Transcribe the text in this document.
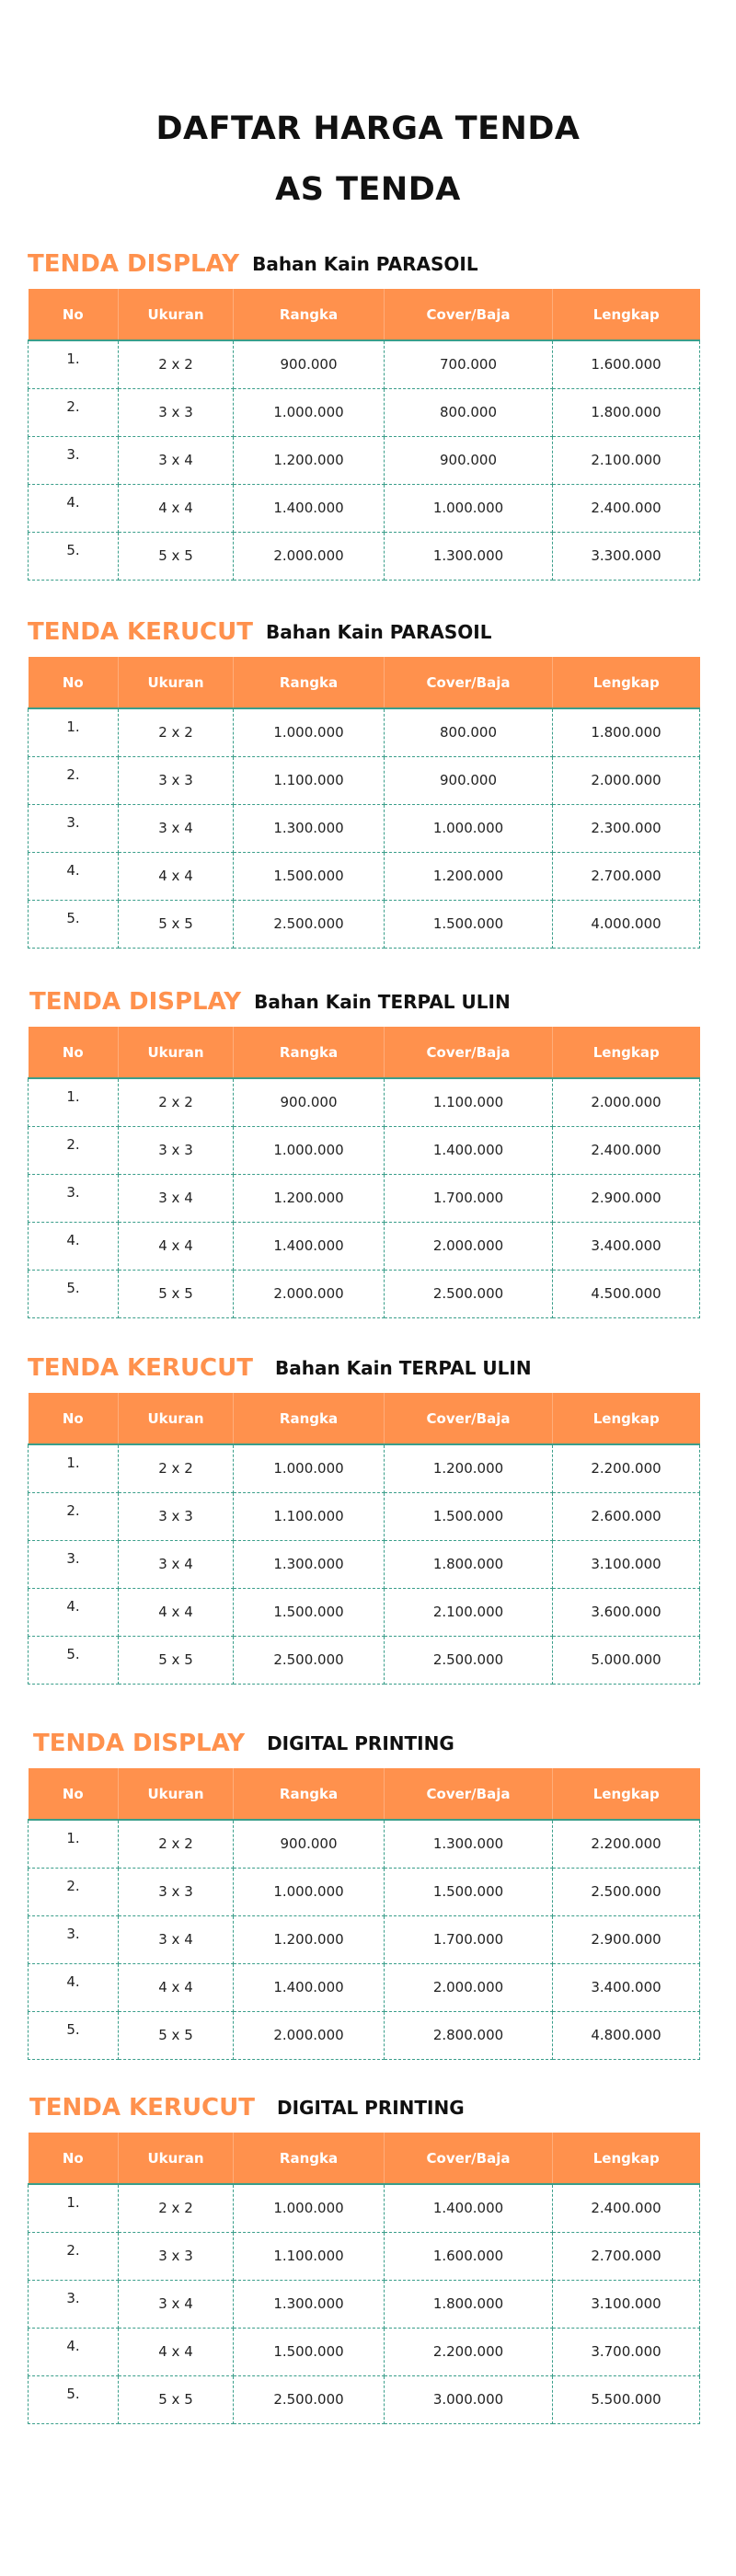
DAFTAR HARGA TENDA
AS TENDA
TENDA DISPLAY Bahan Kain PARASOIL
No	Ukuran	Rangka	Cover/Baja	Lengkap
1.	2 x 2	900.000	700.000	1.600.000
2.	3 x 3	1.000.000	800.000	1.800.000
3.	3 x 4	1.200.000	900.000	2.100.000
4.	4 x 4	1.400.000	1.000.000	2.400.000
5.	5 x 5	2.000.000	1.300.000	3.300.000
TENDA KERUCUT Bahan Kain PARASOIL
No	Ukuran	Rangka	Cover/Baja	Lengkap
1.	2 x 2	1.000.000	800.000	1.800.000
2.	3 x 3	1.100.000	900.000	2.000.000
3.	3 x 4	1.300.000	1.000.000	2.300.000
4.	4 x 4	1.500.000	1.200.000	2.700.000
5.	5 x 5	2.500.000	1.500.000	4.000.000
TENDA DISPLAY Bahan Kain TERPAL ULIN
No	Ukuran	Rangka	Cover/Baja	Lengkap
1.	2 x 2	900.000	1.100.000	2.000.000
2.	3 x 3	1.000.000	1.400.000	2.400.000
3.	3 x 4	1.200.000	1.700.000	2.900.000
4.	4 x 4	1.400.000	2.000.000	3.400.000
5.	5 x 5	2.000.000	2.500.000	4.500.000
TENDA KERUCUT Bahan Kain TERPAL ULIN
No	Ukuran	Rangka	Cover/Baja	Lengkap
1.	2 x 2	1.000.000	1.200.000	2.200.000
2.	3 x 3	1.100.000	1.500.000	2.600.000
3.	3 x 4	1.300.000	1.800.000	3.100.000
4.	4 x 4	1.500.000	2.100.000	3.600.000
5.	5 x 5	2.500.000	2.500.000	5.000.000
TENDA DISPLAY DIGITAL PRINTING
No	Ukuran	Rangka	Cover/Baja	Lengkap
1.	2 x 2	900.000	1.300.000	2.200.000
2.	3 x 3	1.000.000	1.500.000	2.500.000
3.	3 x 4	1.200.000	1.700.000	2.900.000
4.	4 x 4	1.400.000	2.000.000	3.400.000
5.	5 x 5	2.000.000	2.800.000	4.800.000
TENDA KERUCUT DIGITAL PRINTING
No	Ukuran	Rangka	Cover/Baja	Lengkap
1.	2 x 2	1.000.000	1.400.000	2.400.000
2.	3 x 3	1.100.000	1.600.000	2.700.000
3.	3 x 4	1.300.000	1.800.000	3.100.000
4.	4 x 4	1.500.000	2.200.000	3.700.000
5.	5 x 5	2.500.000	3.000.000	5.500.000
